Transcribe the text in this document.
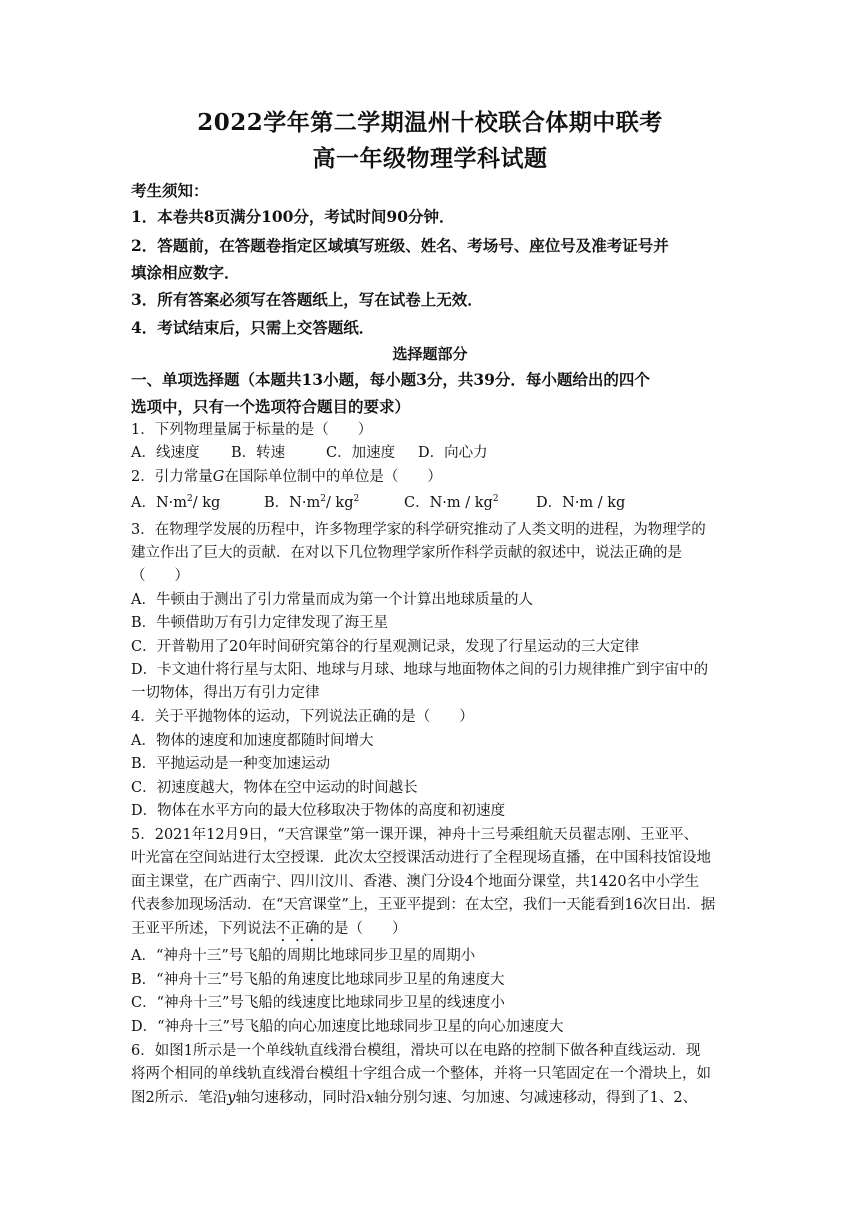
2022学年第二学期温州十校联合体期中联考
高一年级物理学科试题
考生须知：
1．本卷共8页满分100分，考试时间90分钟．
2．答题前，在答题卷指定区域填写班级、姓名、考场号、座位号及准考证号并
填涂相应数字．
3．所有答案必须写在答题纸上，写在试卷上无效．
4．考试结束后，只需上交答题纸．
选择题部分
一、单项选择题（本题共13小题，每小题3分，共39分．每小题给出的四个
选项中，只有一个选项符合题目的要求）
1．下列物理量属于标量的是（　　）
A．线速度 B．转速	C．加速度 D．向心力
2．引力常量G在国际单位制中的单位是（　　）
A．$N\cdot m^2/$ kg	B．$N\cdot m^2/$ $kg^2$	C．$N\cdot m / kg^2$	D．N·m / kg
3．在物理学发展的历程中，许多物理学家的科学研究推动了人类文明的进程，为物理学的
建立作出了巨大的贡献．在对以下几位物理学家所作科学贡献的叙述中，说法正确的是
（　　）
A．牛顿由于测出了引力常量而成为第一个计算出地球质量的人
B．牛顿借助万有引力定律发现了海王星
C．开普勒用了20年时间研究第谷的行星观测记录，发现了行星运动的三大定律
D．卡文迪什将行星与太阳、地球与月球、地球与地面物体之间的引力规律推广到宇宙中的
一切物体，得出万有引力定律
4．关于平抛物体的运动，下列说法正确的是（　　）
A．物体的速度和加速度都随时间增大
B．平抛运动是一种变加速运动
C．初速度越大，物体在空中运动的时间越长
D．物体在水平方向的最大位移取决于物体的高度和初速度
5．2021年12月9日，“天宫课堂”第一课开课，神舟十三号乘组航天员翟志刚、王亚平、
叶光富在空间站进行太空授课．此次太空授课活动进行了全程现场直播，在中国科技馆设地
面主课堂，在广西南宁、四川汶川、香港、澳门分设4个地面分课堂，共1420名中小学生
代表参加现场活动．在“天宫课堂”上，王亚平提到：在太空，我们一天能看到16次日出．据
王亚平所述，下列说法不正确的是（　　）
A．“神舟十三”号飞船的周期比地球同步卫星的周期小
B．“神舟十三”号飞船的角速度比地球同步卫星的角速度大
C．“神舟十三”号飞船的线速度比地球同步卫星的线速度小
D．“神舟十三”号飞船的向心加速度比地球同步卫星的向心加速度大
6．如图1所示是一个单线轨直线滑台模组，滑块可以在电路的控制下做各种直线运动．现
将两个相同的单线轨直线滑台模组十字组合成一个整体，并将一只笔固定在一个滑块上，如
图2所示．笔沿y轴匀速移动，同时沿x轴分别匀速、匀加速、匀减速移动，得到了1、2、
